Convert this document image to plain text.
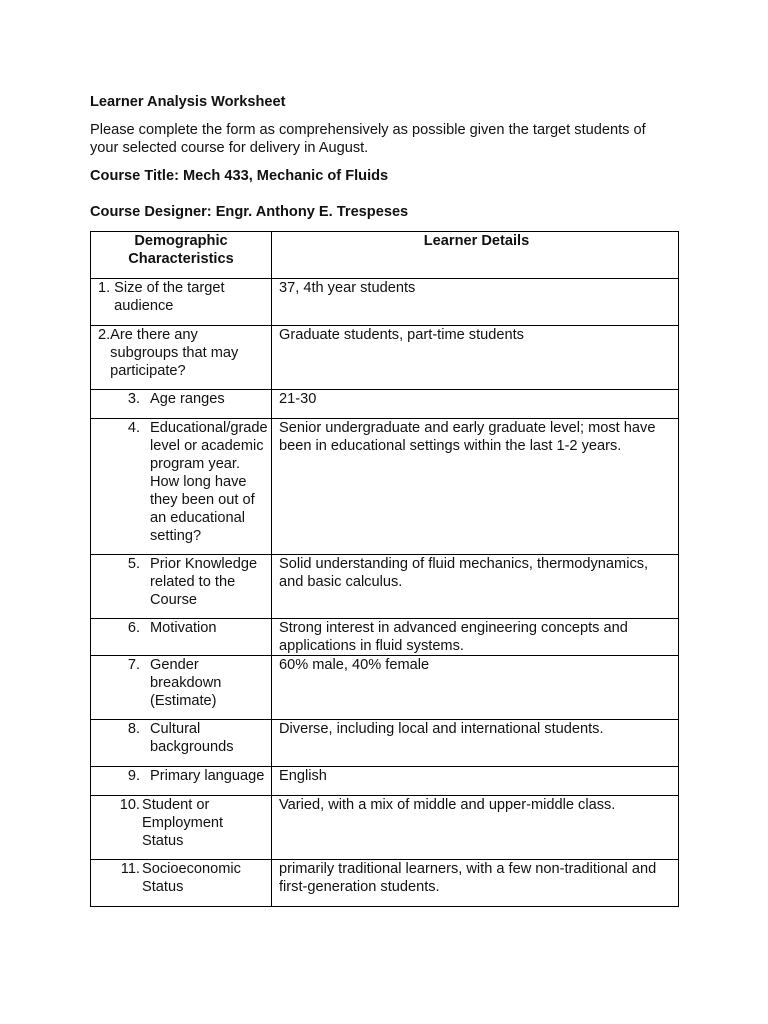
Learner Analysis Worksheet
Please complete the form as comprehensively as possible given the target students of your selected course for delivery in August.
Course Title: Mech 433, Mechanic of Fluids
Course Designer: Engr. Anthony E. Trespeses
Demographic Characteristics	Learner Details

1. Size of the target audience	37, 4th year students

2. Are there any subgroups that may participate?	Graduate students, part-time students

3. Age ranges	21-30

4. Educational/grade level or academic program year. How long have they been out of an educational setting?	Senior undergraduate and early graduate level; most have been in educational settings within the last 1-2 years.

5. Prior Knowledge related to the Course	Solid understanding of fluid mechanics, thermodynamics, and basic calculus.

6. Motivation	Strong interest in advanced engineering concepts and applications in fluid systems.

7. Gender breakdown (Estimate)	60% male, 40% female

8. Cultural backgrounds	Diverse, including local and international students.

9. Primary language	English

10. Student or Employment Status	Varied, with a mix of middle and upper-middle class.

11. Socioeconomic Status	primarily traditional learners, with a few non-traditional and first-generation students.
